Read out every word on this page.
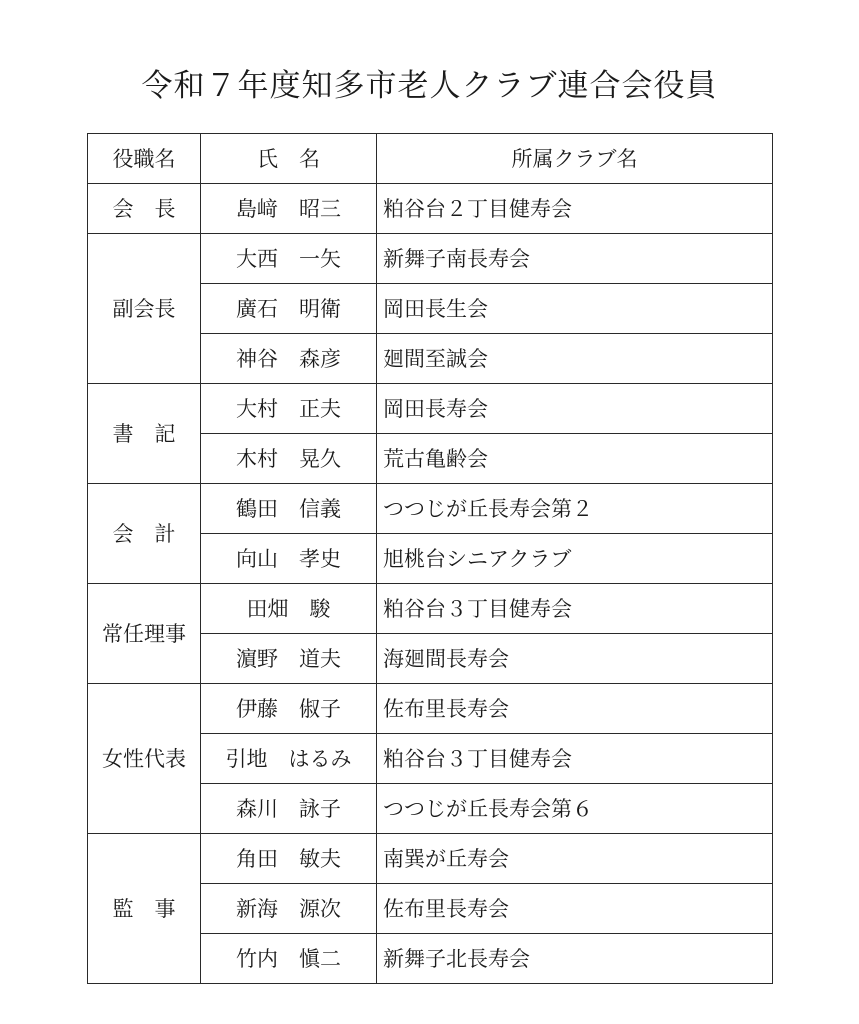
令和７年度知多市老人クラブ連合会役員
役職名	氏　名	所属クラブ名
会　長	島﨑　昭三	粕谷台２丁目健寿会
副会長	大西　一矢	新舞子南長寿会
	廣石　明衛	岡田長生会
	神谷　森彦	廻間至誠会
書　記	大村　正夫	岡田長寿会
	木村　晃久	荒古亀齢会
会　計	鶴田　信義	つつじが丘長寿会第２
	向山　孝史	旭桃台シニアクラブ
常任理事	田畑　駿	粕谷台３丁目健寿会
	濵野　道夫	海廻間長寿会
女性代表	伊藤　俶子	佐布里長寿会
	引地　はるみ	粕谷台３丁目健寿会
	森川　詠子	つつじが丘長寿会第６
監　事	角田　敏夫	南巽が丘寿会
	新海　源次	佐布里長寿会
	竹内　愼二	新舞子北長寿会
